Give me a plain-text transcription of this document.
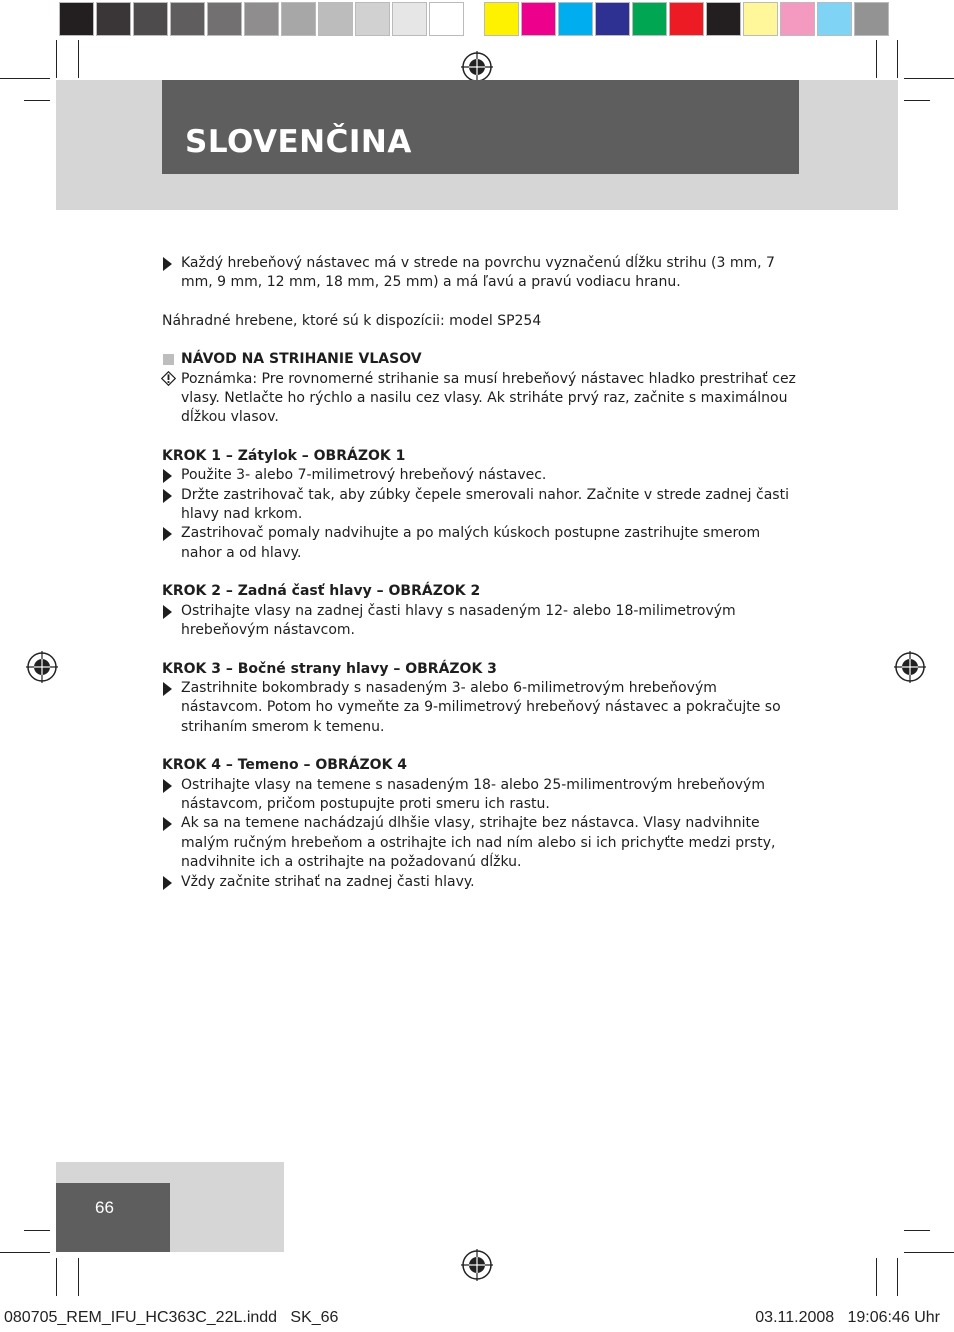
SLOVENČINA
Každý hrebeňový nástavec má v strede na povrchu vyznačenú dĺžku strihu (3 mm, 7 mm, 9 mm, 12 mm, 18 mm, 25 mm) a má ľavú a pravú vodiacu hranu.
Náhradné hrebene, ktoré sú k dispozícii: model SP254
NÁVOD NA STRIHANIE VLASOV
Poznámka: Pre rovnomerné strihanie sa musí hrebeňový nástavec hladko prestrihať cez vlasy. Netlačte ho rýchlo a nasilu cez vlasy. Ak striháte prvý raz, začnite s maximálnou dĺžkou vlasov.
KROK 1 – Zátylok – OBRÁZOK 1
Použite 3- alebo 7-milimetrový hrebeňový nástavec.
Držte zastrihovač tak, aby zúbky čepele smerovali nahor. Začnite v strede zadnej časti hlavy nad krkom.
Zastrihovač pomaly nadvihujte a po malých kúskoch postupne zastrihujte smerom nahor a od hlavy.
KROK 2 – Zadná časť hlavy – OBRÁZOK 2
Ostrihajte vlasy na zadnej časti hlavy s nasadeným 12- alebo 18-milimetrovým hrebeňovým nástavcom.
KROK 3 – Bočné strany hlavy – OBRÁZOK 3
Zastrihnite bokombrady s nasadeným 3- alebo 6-milimetrovým hrebeňovým nástavcom. Potom ho vymeňte za 9-milimetrový hrebeňový nástavec a pokračujte so strihaním smerom k temenu.
KROK 4 – Temeno – OBRÁZOK 4
Ostrihajte vlasy na temene s nasadeným 18- alebo 25-milimentrovým hrebeňovým nástavcom, pričom postupujte proti smeru ich rastu.
Ak sa na temene nachádzajú dlhšie vlasy, strihajte bez nástavca. Vlasy nadvihnite malým ručným hrebeňom a ostrihajte ich nad ním alebo si ich prichyťte medzi prsty, nadvihnite ich a ostrihajte na požadovanú dĺžku.
Vždy začnite strihať na zadnej časti hlavy.
66
080705_REM_IFU_HC363C_22L.indd   SK_66	03.11.2008   19:06:46 Uhr
